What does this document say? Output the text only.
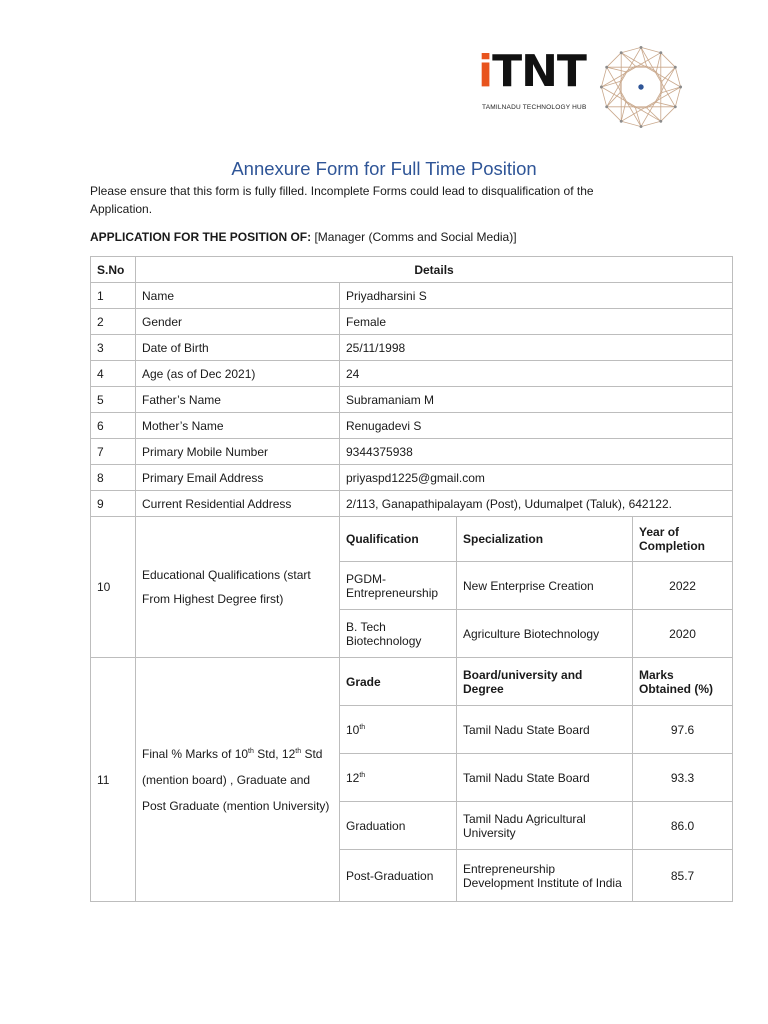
iTNT
TAMILNADU TECHNOLOGY HUB
Annexure Form for Full Time Position
Please ensure that this form is fully filled. Incomplete Forms could lead to disqualification of the Application.
APPLICATION FOR THE POSITION OF: [Manager (Comms and Social Media)]
S.No	Details			
1	Name	Priyadharsini S		
2	Gender	Female		
3	Date of Birth	25/11/1998		
4	Age (as of Dec 2021)	24		
5	Father’s Name	Subramaniam M		
6	Mother’s Name	Renugadevi S		
7	Primary Mobile Number	9344375938		
8	Primary Email Address	priyaspd1225@gmail.com		
9	Current Residential Address	2/113, Ganapathipalayam (Post), Udumalpet (Taluk), 642122.		
10	Educational Qualifications (start From Highest Degree first)	Qualification	Specialization	Year of Completion
		PGDM-Entrepreneurship	New Enterprise Creation	2022
		B. Tech Biotechnology	Agriculture Biotechnology	2020
11	Final % Marks of 10th Std, 12th Std (mention board) , Graduate and Post Graduate (mention University)	Grade	Board/university and Degree	Marks Obtained (%)
		10th	Tamil Nadu State Board	97.6
		12th	Tamil Nadu State Board	93.3
		Graduation	Tamil Nadu Agricultural University	86.0
		Post-Graduation	Entrepreneurship Development Institute of India	85.7
